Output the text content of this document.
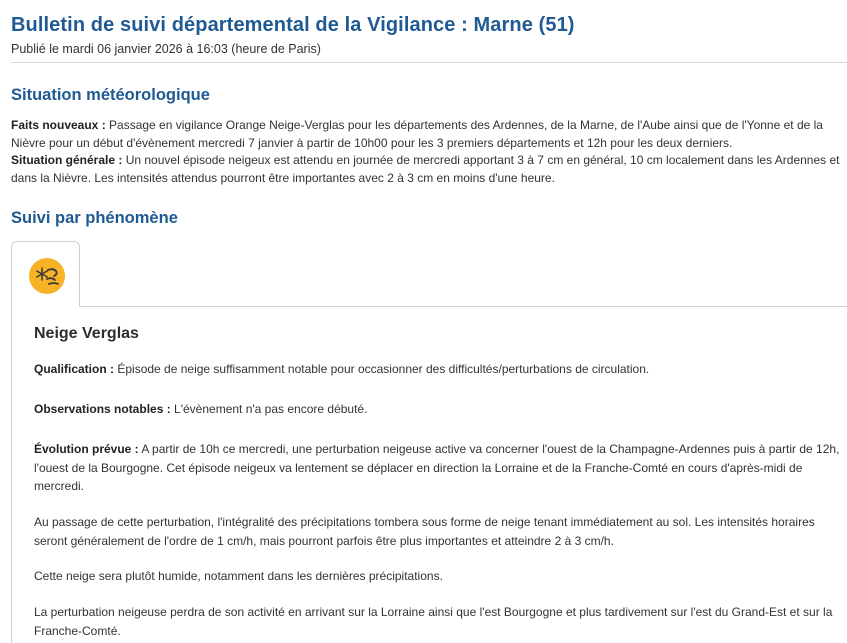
Bulletin de suivi départemental de la Vigilance : Marne (51)
Publié le mardi 06 janvier 2026 à 16:03 (heure de Paris)
Situation météorologique
Faits nouveaux : Passage en vigilance Orange Neige-Verglas pour les départements des Ardennes, de la Marne, de l'Aube ainsi que de l'Yonne et de la Nièvre pour un début d'évènement mercredi 7 janvier à partir de 10h00 pour les 3 premiers départements et 12h pour les deux derniers.
Situation générale : Un nouvel épisode neigeux est attendu en journée de mercredi apportant 3 à 7 cm en général, 10 cm localement dans les Ardennes et dans la Nièvre. Les intensités attendus pourront être importantes avec 2 à 3 cm en moins d'une heure.
Suivi par phénomène
Neige Verglas
Qualification : Épisode de neige suffisamment notable pour occasionner des difficultés/perturbations de circulation.
Observations notables : L'évènement n'a pas encore débuté.
Évolution prévue : A partir de 10h ce mercredi, une perturbation neigeuse active va concerner l'ouest de la Champagne-Ardennes puis à partir de 12h, l'ouest de la Bourgogne. Cet épisode neigeux va lentement se déplacer en direction la Lorraine et de la Franche-Comté en cours d'après-midi de mercredi.
Au passage de cette perturbation, l'intégralité des précipitations tombera sous forme de neige tenant immédiatement au sol. Les intensités horaires seront généralement de l'ordre de 1 cm/h, mais pourront parfois être plus importantes et atteindre 2 à 3 cm/h.
Cette neige sera plutôt humide, notamment dans les dernières précipitations.
La perturbation neigeuse perdra de son activité en arrivant sur la Lorraine ainsi que l'est Bourgogne et plus tardivement sur l'est du Grand-Est et sur la Franche-Comté.
